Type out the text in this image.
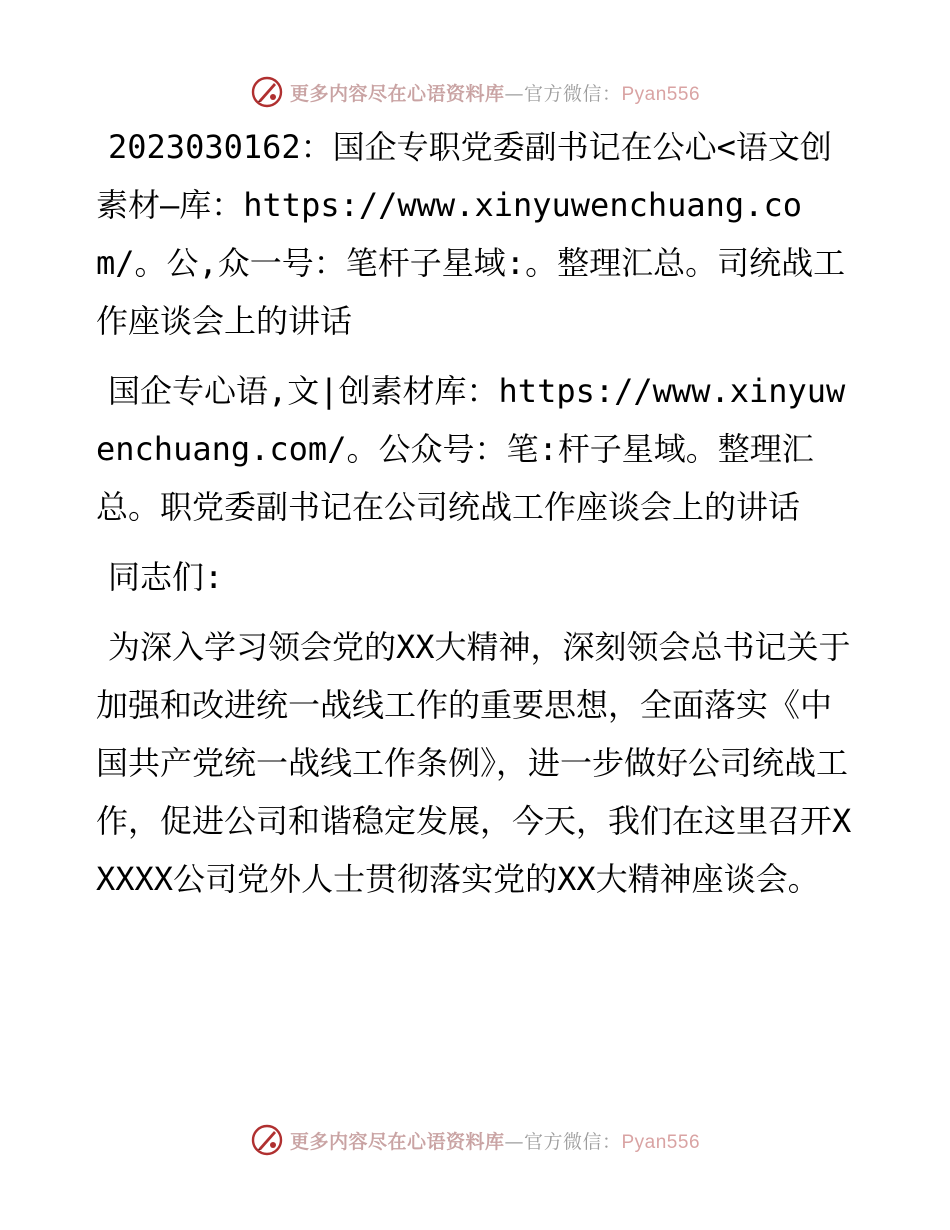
更多内容尽在心语资料库—官方微信：Pyan556

2023030162：国企专职党委副书记在公心<语文创素材—库：https://www.xinyuwenchuang.com/。公,众一号：笔杆子星域:。整理汇总。司统战工作座谈会上的讲话

国企专心语,文|创素材库：https://www.xinyuwenchuang.com/。公众号：笔:杆子星域。整理汇总。职党委副书记在公司统战工作座谈会上的讲话

同志们:

为深入学习领会党的XX大精神，深刻领会总书记关于加强和改进统一战线工作的重要思想，全面落实《中国共产党统一战线工作条例》，进一步做好公司统战工作，促进公司和谐稳定发展，今天，我们在这里召开XXXXX公司党外人士贯彻落实党的XX大精神座谈会。

更多内容尽在心语资料库—官方微信：Pyan556
